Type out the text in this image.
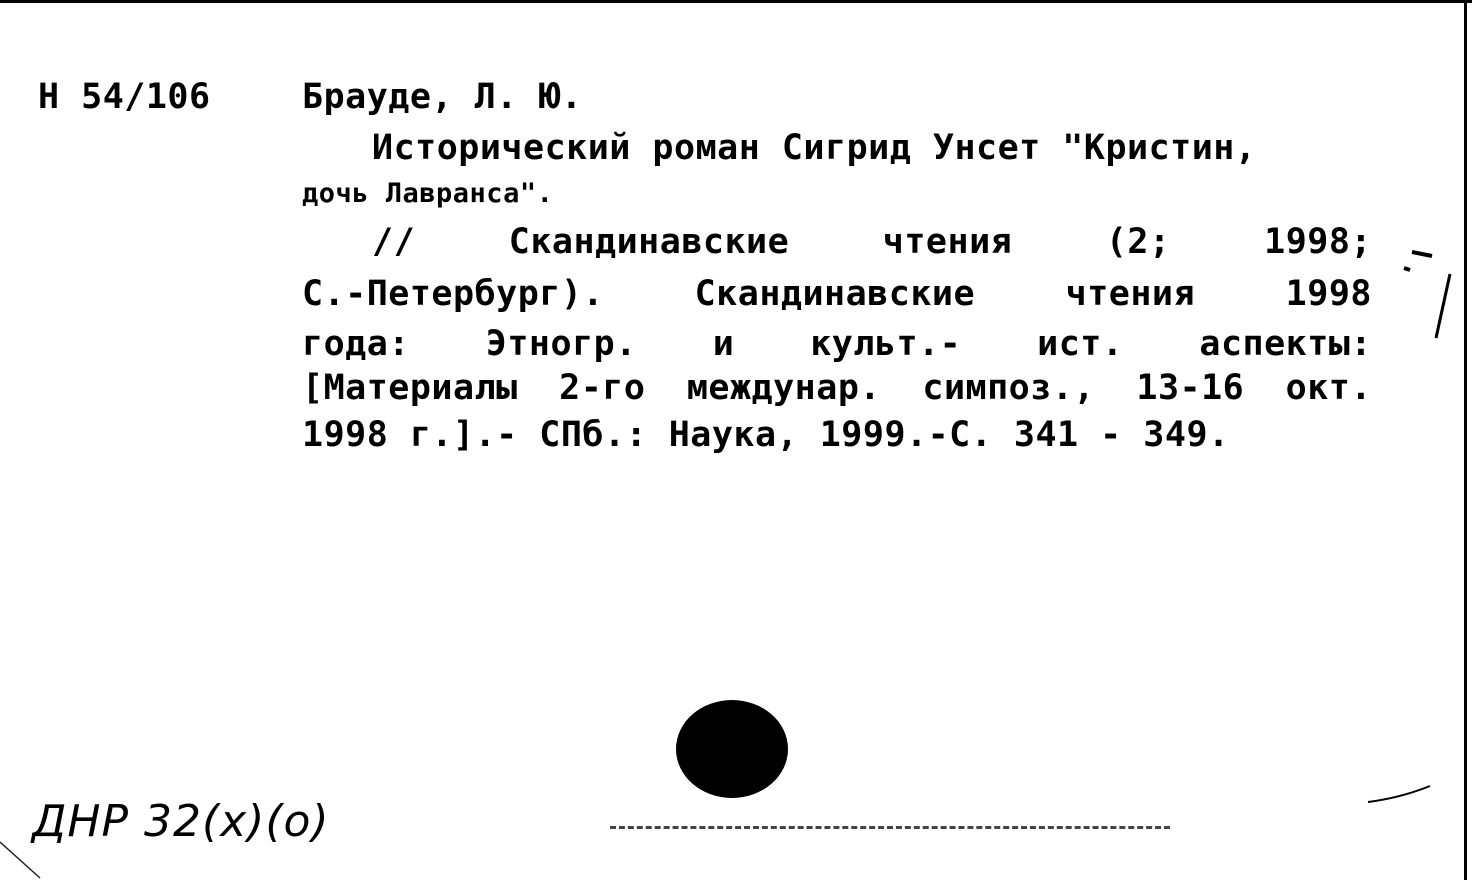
Н 54/106	Брауде, Л. Ю.
Исторический роман Сигрид Унсет "Кристин,
дочь Лавранса".
//	Скандинавские	чтения	(2;	1998;
С.-Петербург).	Скандинавские	чтения	1998
года: Этногр. и культ.- ист. аспекты:
[Материалы 2-го междунар. симпоз., 13-16 окт.
1998 г.].- СПб.: Наука, 1999.-С. 341 - 349.
ДНР 32(х)(о)
